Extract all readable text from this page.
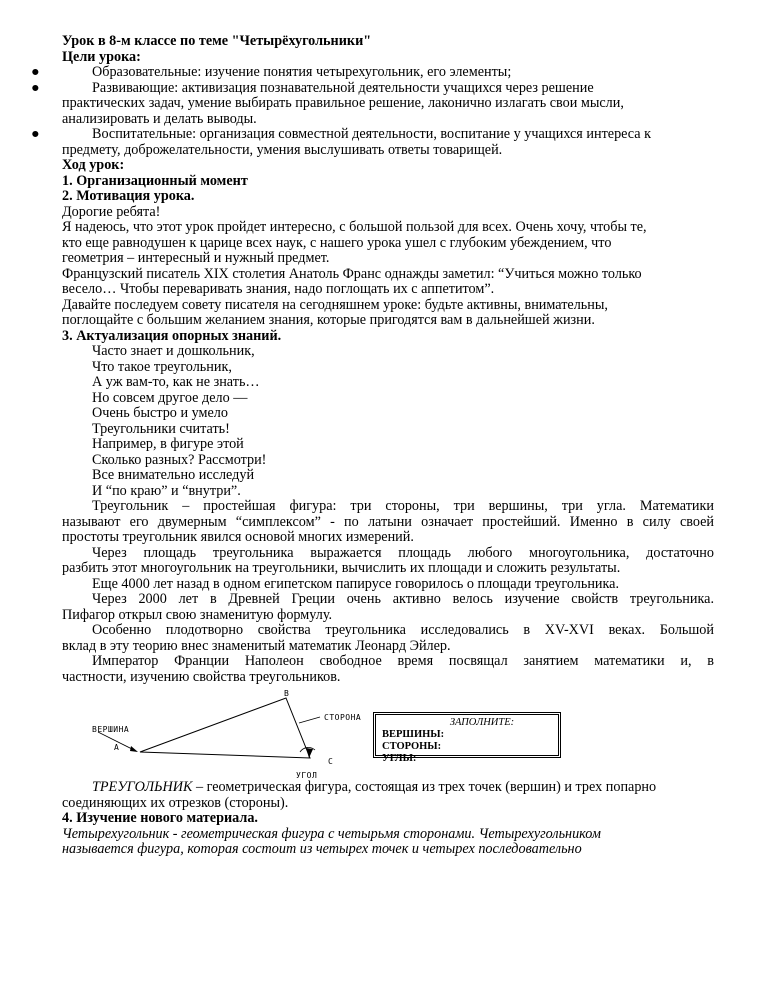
Урок в 8-м классе по теме "Четырёхугольники"
Цели урока:
●	Образовательные: изучение понятия четырехугольник, его элементы;
●	Развивающие: активизация познавательной деятельности учащихся через решение
практических задач, умение выбирать правильное решение, лаконично излагать свои мысли,
анализировать и делать выводы.
●	Воспитательные: организация совместной деятельности, воспитание у учащихся интереса к
предмету, доброжелательности, умения выслушивать ответы товарищей.
Ход урок:
1. Организационный момент
2. Мотивация урока.
Дорогие ребята!
Я надеюсь, что этот урок пройдет интересно, с большой пользой для всех. Очень хочу, чтобы те,
кто еще равнодушен к царице всех наук, с нашего урока ушел с глубоким убеждением, что
геометрия – интересный и нужный предмет.
Французский писатель XIX столетия Анатоль Франс однажды заметил: “Учиться можно только
весело… Чтобы переваривать знания, надо поглощать их с аппетитом”.
Давайте последуем совету писателя на сегодняшнем уроке: будьте активны, внимательны,
поглощайте с большим желанием знания, которые пригодятся вам в дальнейшей жизни.
3. Актуализация опорных знаний.
Часто знает и дошкольник,
Что такое треугольник,
А уж вам-то, как не знать…
Но совсем другое дело —
Очень быстро и умело
Треугольники считать!
Например, в фигуре этой
Сколько разных? Рассмотри!
Все внимательно исследуй
И “по краю” и “внутри”.
Треугольник – простейшая фигура: три стороны, три вершины, три угла. Математики
называют его двумерным “симплексом” - по латыни означает простейший. Именно в силу своей
простоты треугольник явился основой многих измерений.
Через площадь треугольника выражается площадь любого многоугольника, достаточно
разбить этот многоугольник на треугольники, вычислить их площади и сложить результаты.
Еще 4000 лет назад в одном египетском папирусе говорилось о площади треугольника.
Через 2000 лет в Древней Греции очень активно велось изучение свойств треугольника.
Пифагор открыл свою знаменитую формулу.
Особенно плодотворно свойства треугольника исследовались в XV-XVI веках. Большой
вклад в эту теорию внес знаменитый математик Леонард Эйлер.
Император Франции Наполеон свободное время посвящал занятием математики и, в
частности, изучению свойства треугольников.
B
СТОРОНА
ВЕРШИНА
A
C
УГОЛ
ЗАПОЛНИТЕ:
ВЕРШИНЫ:
СТОРОНЫ:
УГЛЫ:
ТРЕУГОЛЬНИК – геометрическая фигура, состоящая из трех точек (вершин) и трех попарно
соединяющих их отрезков (стороны).
4. Изучение нового материала.
Четырехугольник - геометрическая фигура с четырьмя сторонами. Четырехугольником
называется фигура, которая состоит из четырех точек и четырех последовательно
